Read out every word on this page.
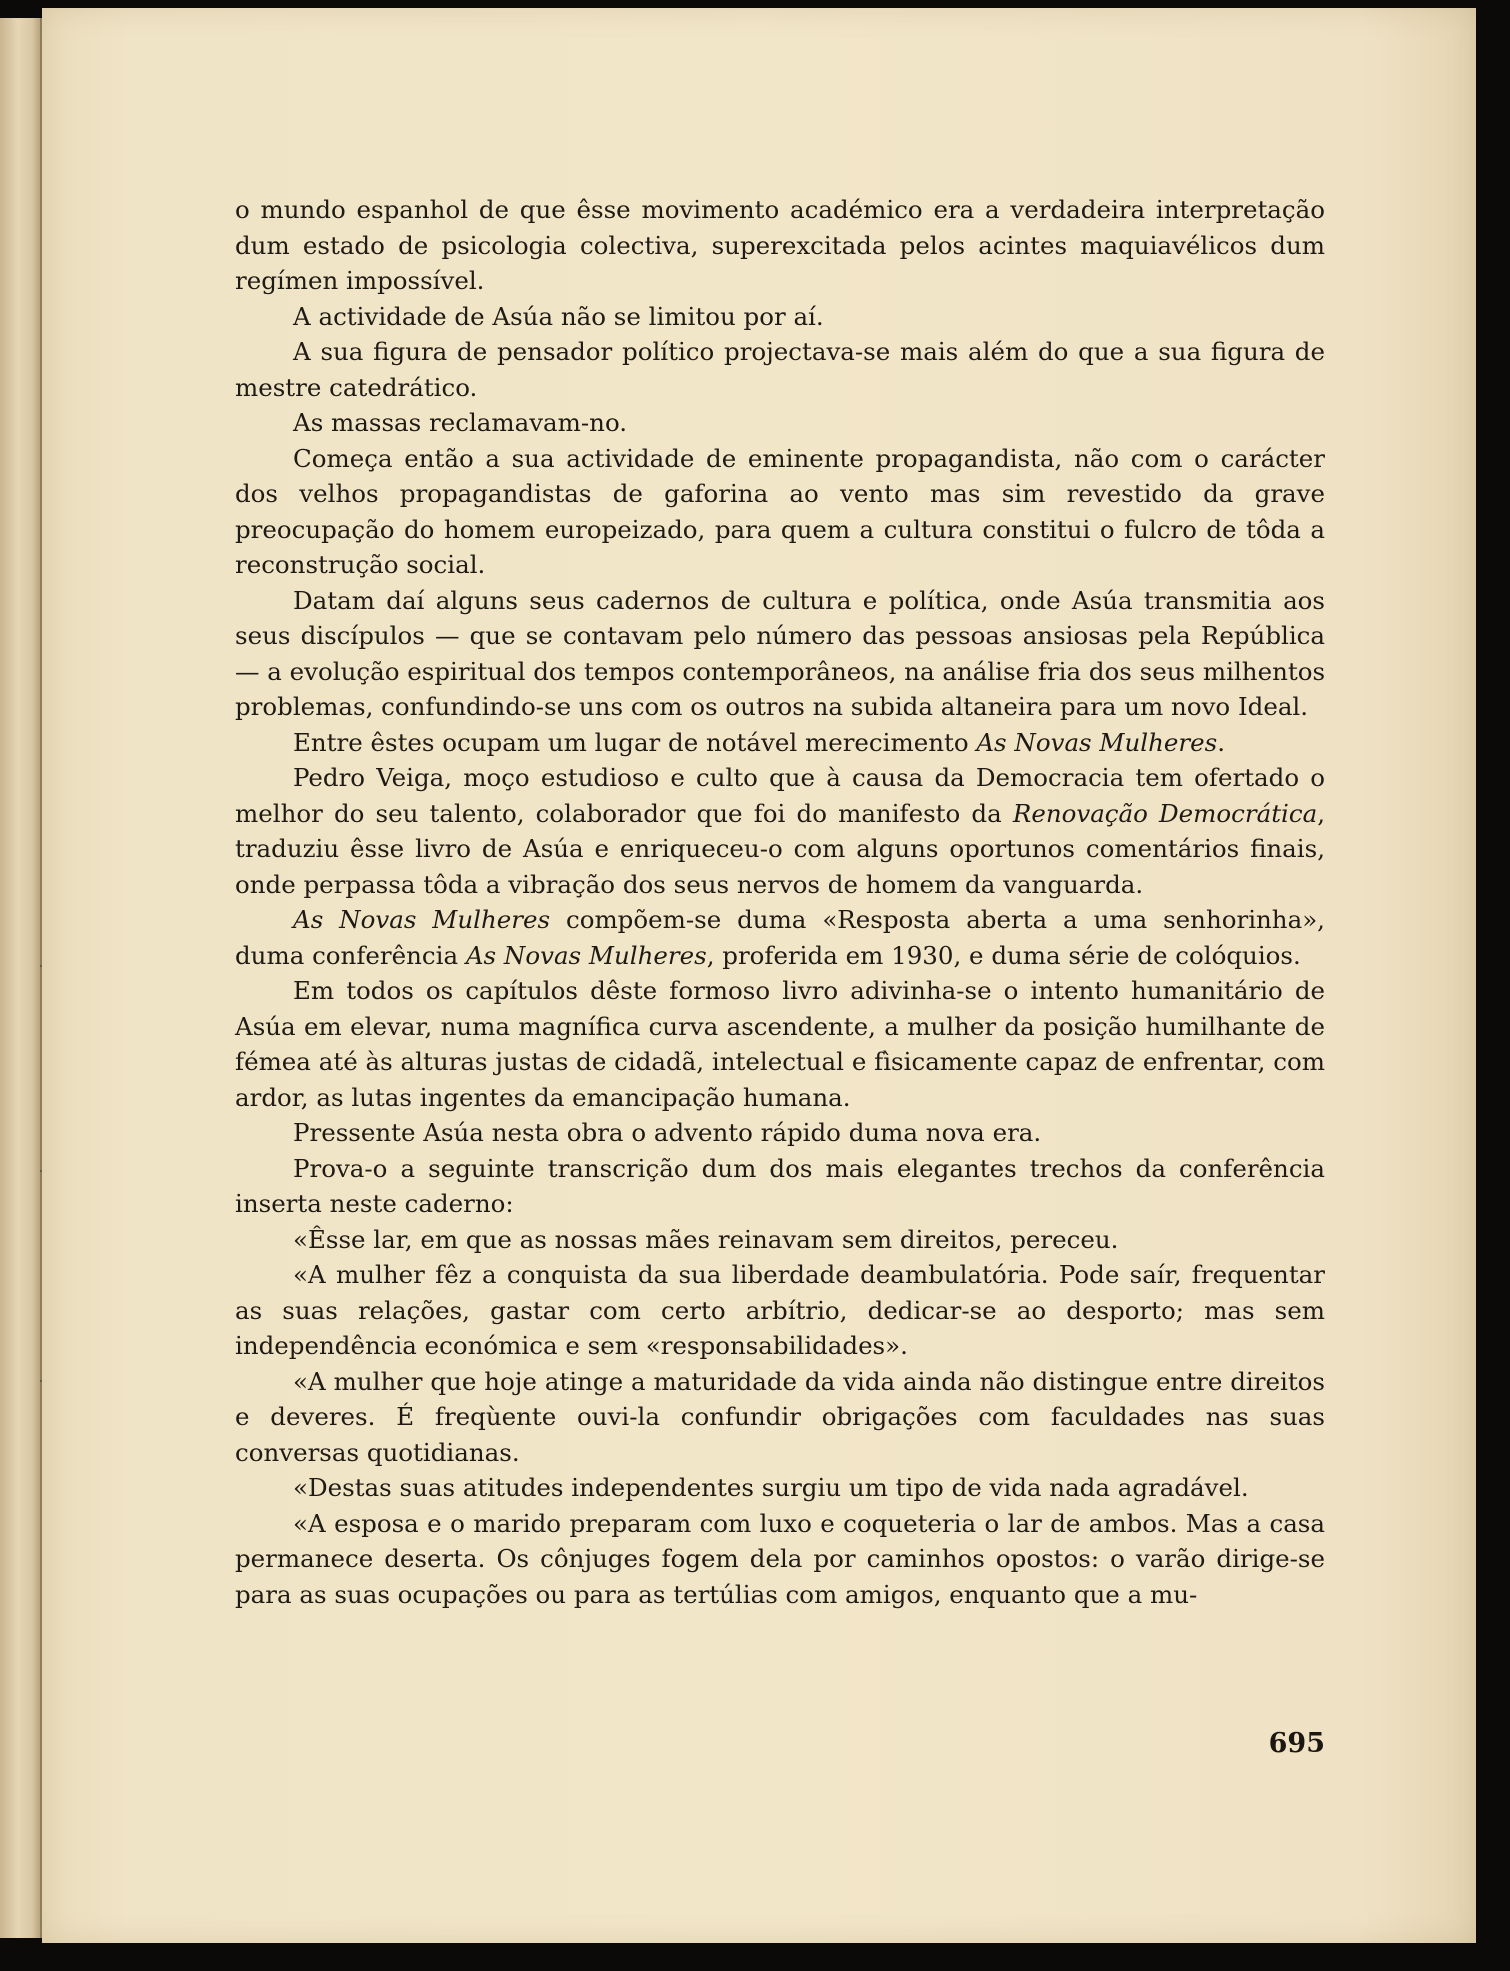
o mundo espanhol de que êsse movimento académico era a verdadeira interpretação dum estado de psicologia colectiva, superexcitada pelos acintes maquiavélicos dum regímen impossível.

A actividade de Asúa não se limitou por aí.

A sua figura de pensador político projectava-se mais além do que a sua figura de mestre catedrático.

As massas reclamavam-no.

Começa então a sua actividade de eminente propagandista, não com o carácter dos velhos propagandistas de gaforina ao vento mas sim revestido da grave preocupação do homem europeizado, para quem a cultura constitui o fulcro de tôda a reconstrução social.

Datam daí alguns seus cadernos de cultura e política, onde Asúa transmitia aos seus discípulos — que se contavam pelo número das pessoas ansiosas pela República — a evolução espiritual dos tempos contemporâneos, na análise fria dos seus milhentos problemas, confundindo-se uns com os outros na subida altaneira para um novo Ideal.

Entre êstes ocupam um lugar de notável merecimento As Novas Mulheres.

Pedro Veiga, moço estudioso e culto que à causa da Democracia tem ofertado o melhor do seu talento, colaborador que foi do manifesto da Renovação Democrática, traduziu êsse livro de Asúa e enriqueceu-o com alguns oportunos comentários finais, onde perpassa tôda a vibração dos seus nervos de homem da vanguarda.

As Novas Mulheres compõem-se duma «Resposta aberta a uma senhorinha», duma conferência As Novas Mulheres, proferida em 1930, e duma série de colóquios.

Em todos os capítulos dêste formoso livro adivinha-se o intento humanitário de Asúa em elevar, numa magnífica curva ascendente, a mulher da posição humilhante de fémea até às alturas justas de cidadã, intelectual e fìsicamente capaz de enfrentar, com ardor, as lutas ingentes da emancipação humana.

Pressente Asúa nesta obra o advento rápido duma nova era.

Prova-o a seguinte transcrição dum dos mais elegantes trechos da conferência inserta neste caderno:

«Êsse lar, em que as nossas mães reinavam sem direitos, pereceu.

«A mulher fêz a conquista da sua liberdade deambulatória. Pode saír, frequentar as suas relações, gastar com certo arbítrio, dedicar-se ao desporto; mas sem independência económica e sem «responsabilidades».

«A mulher que hoje atinge a maturidade da vida ainda não distingue entre direitos e deveres. É freqùente ouvi-la confundir obrigações com faculdades nas suas conversas quotidianas.

«Destas suas atitudes independentes surgiu um tipo de vida nada agradável.

«A esposa e o marido preparam com luxo e coqueteria o lar de ambos. Mas a casa permanece deserta. Os cônjuges fogem dela por caminhos opostos: o varão dirige-se para as suas ocupações ou para as tertúlias com amigos, enquanto que a mu-

695
